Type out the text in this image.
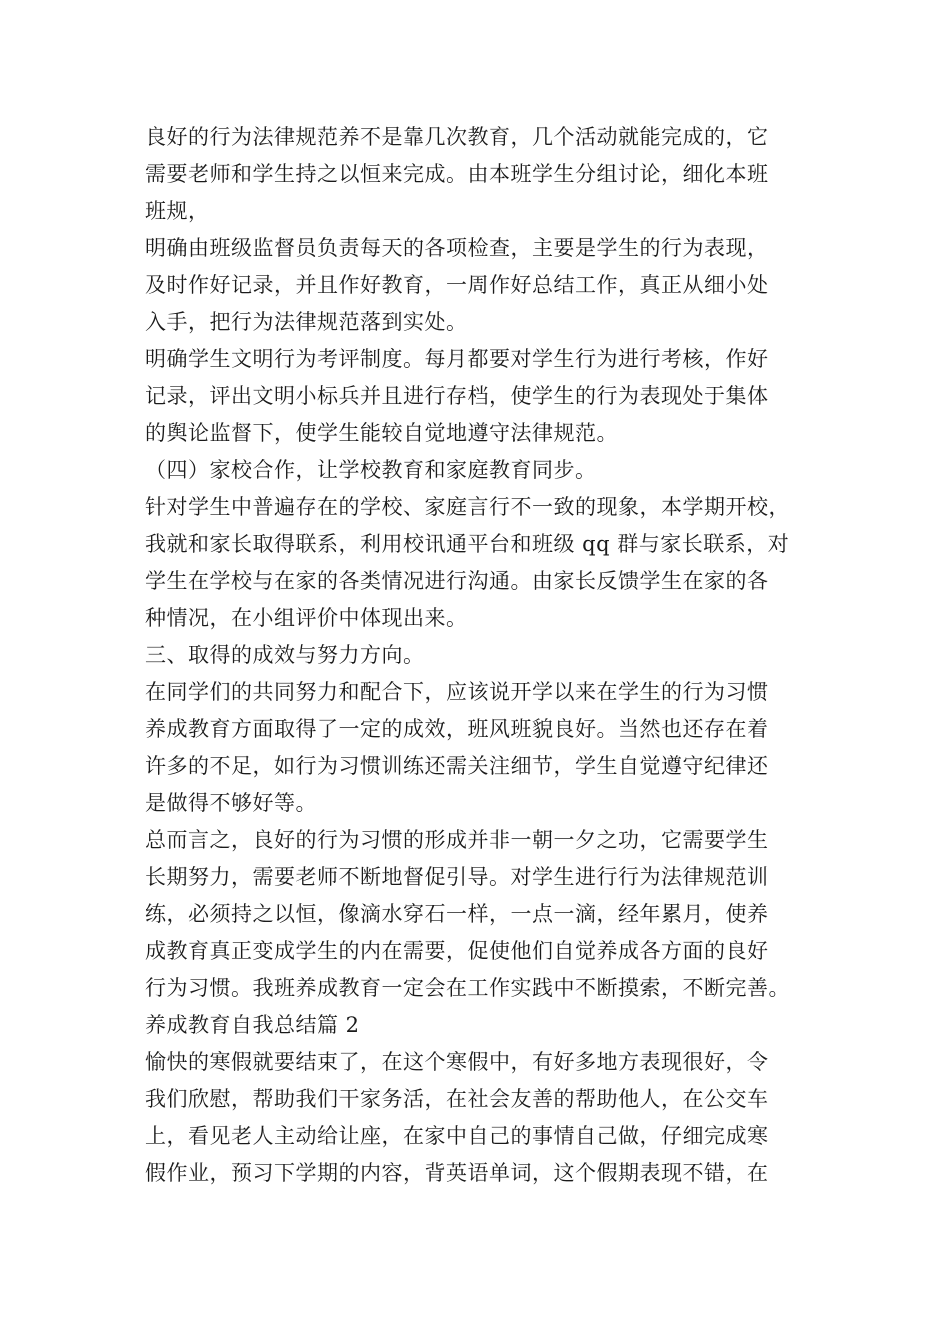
良好的行为法律规范养不是靠几次教育，几个活动就能完成的，它
需要老师和学生持之以恒来完成。由本班学生分组讨论，细化本班
班规，
明确由班级监督员负责每天的各项检查，主要是学生的行为表现，
及时作好记录，并且作好教育，一周作好总结工作，真正从细小处
入手，把行为法律规范落到实处。
明确学生文明行为考评制度。每月都要对学生行为进行考核，作好
记录，评出文明小标兵并且进行存档，使学生的行为表现处于集体
的舆论监督下，使学生能较自觉地遵守法律规范。
（四）家校合作，让学校教育和家庭教育同步。
针对学生中普遍存在的学校、家庭言行不一致的现象，本学期开校，
我就和家长取得联系，利用校讯通平台和班级 qq 群与家长联系，对
学生在学校与在家的各类情况进行沟通。由家长反馈学生在家的各
种情况，在小组评价中体现出来。
三、取得的成效与努力方向。
在同学们的共同努力和配合下，应该说开学以来在学生的行为习惯
养成教育方面取得了一定的成效，班风班貌良好。当然也还存在着
许多的不足，如行为习惯训练还需关注细节，学生自觉遵守纪律还
是做得不够好等。
总而言之，良好的行为习惯的形成并非一朝一夕之功，它需要学生
长期努力，需要老师不断地督促引导。对学生进行行为法律规范训
练，必须持之以恒，像滴水穿石一样，一点一滴，经年累月，使养
成教育真正变成学生的内在需要，促使他们自觉养成各方面的良好
行为习惯。我班养成教育一定会在工作实践中不断摸索，不断完善。
养成教育自我总结篇 2
愉快的寒假就要结束了，在这个寒假中，有好多地方表现很好，令
我们欣慰，帮助我们干家务活，在社会友善的帮助他人，在公交车
上，看见老人主动给让座，在家中自己的事情自己做，仔细完成寒
假作业，预习下学期的内容，背英语单词，这个假期表现不错，在
